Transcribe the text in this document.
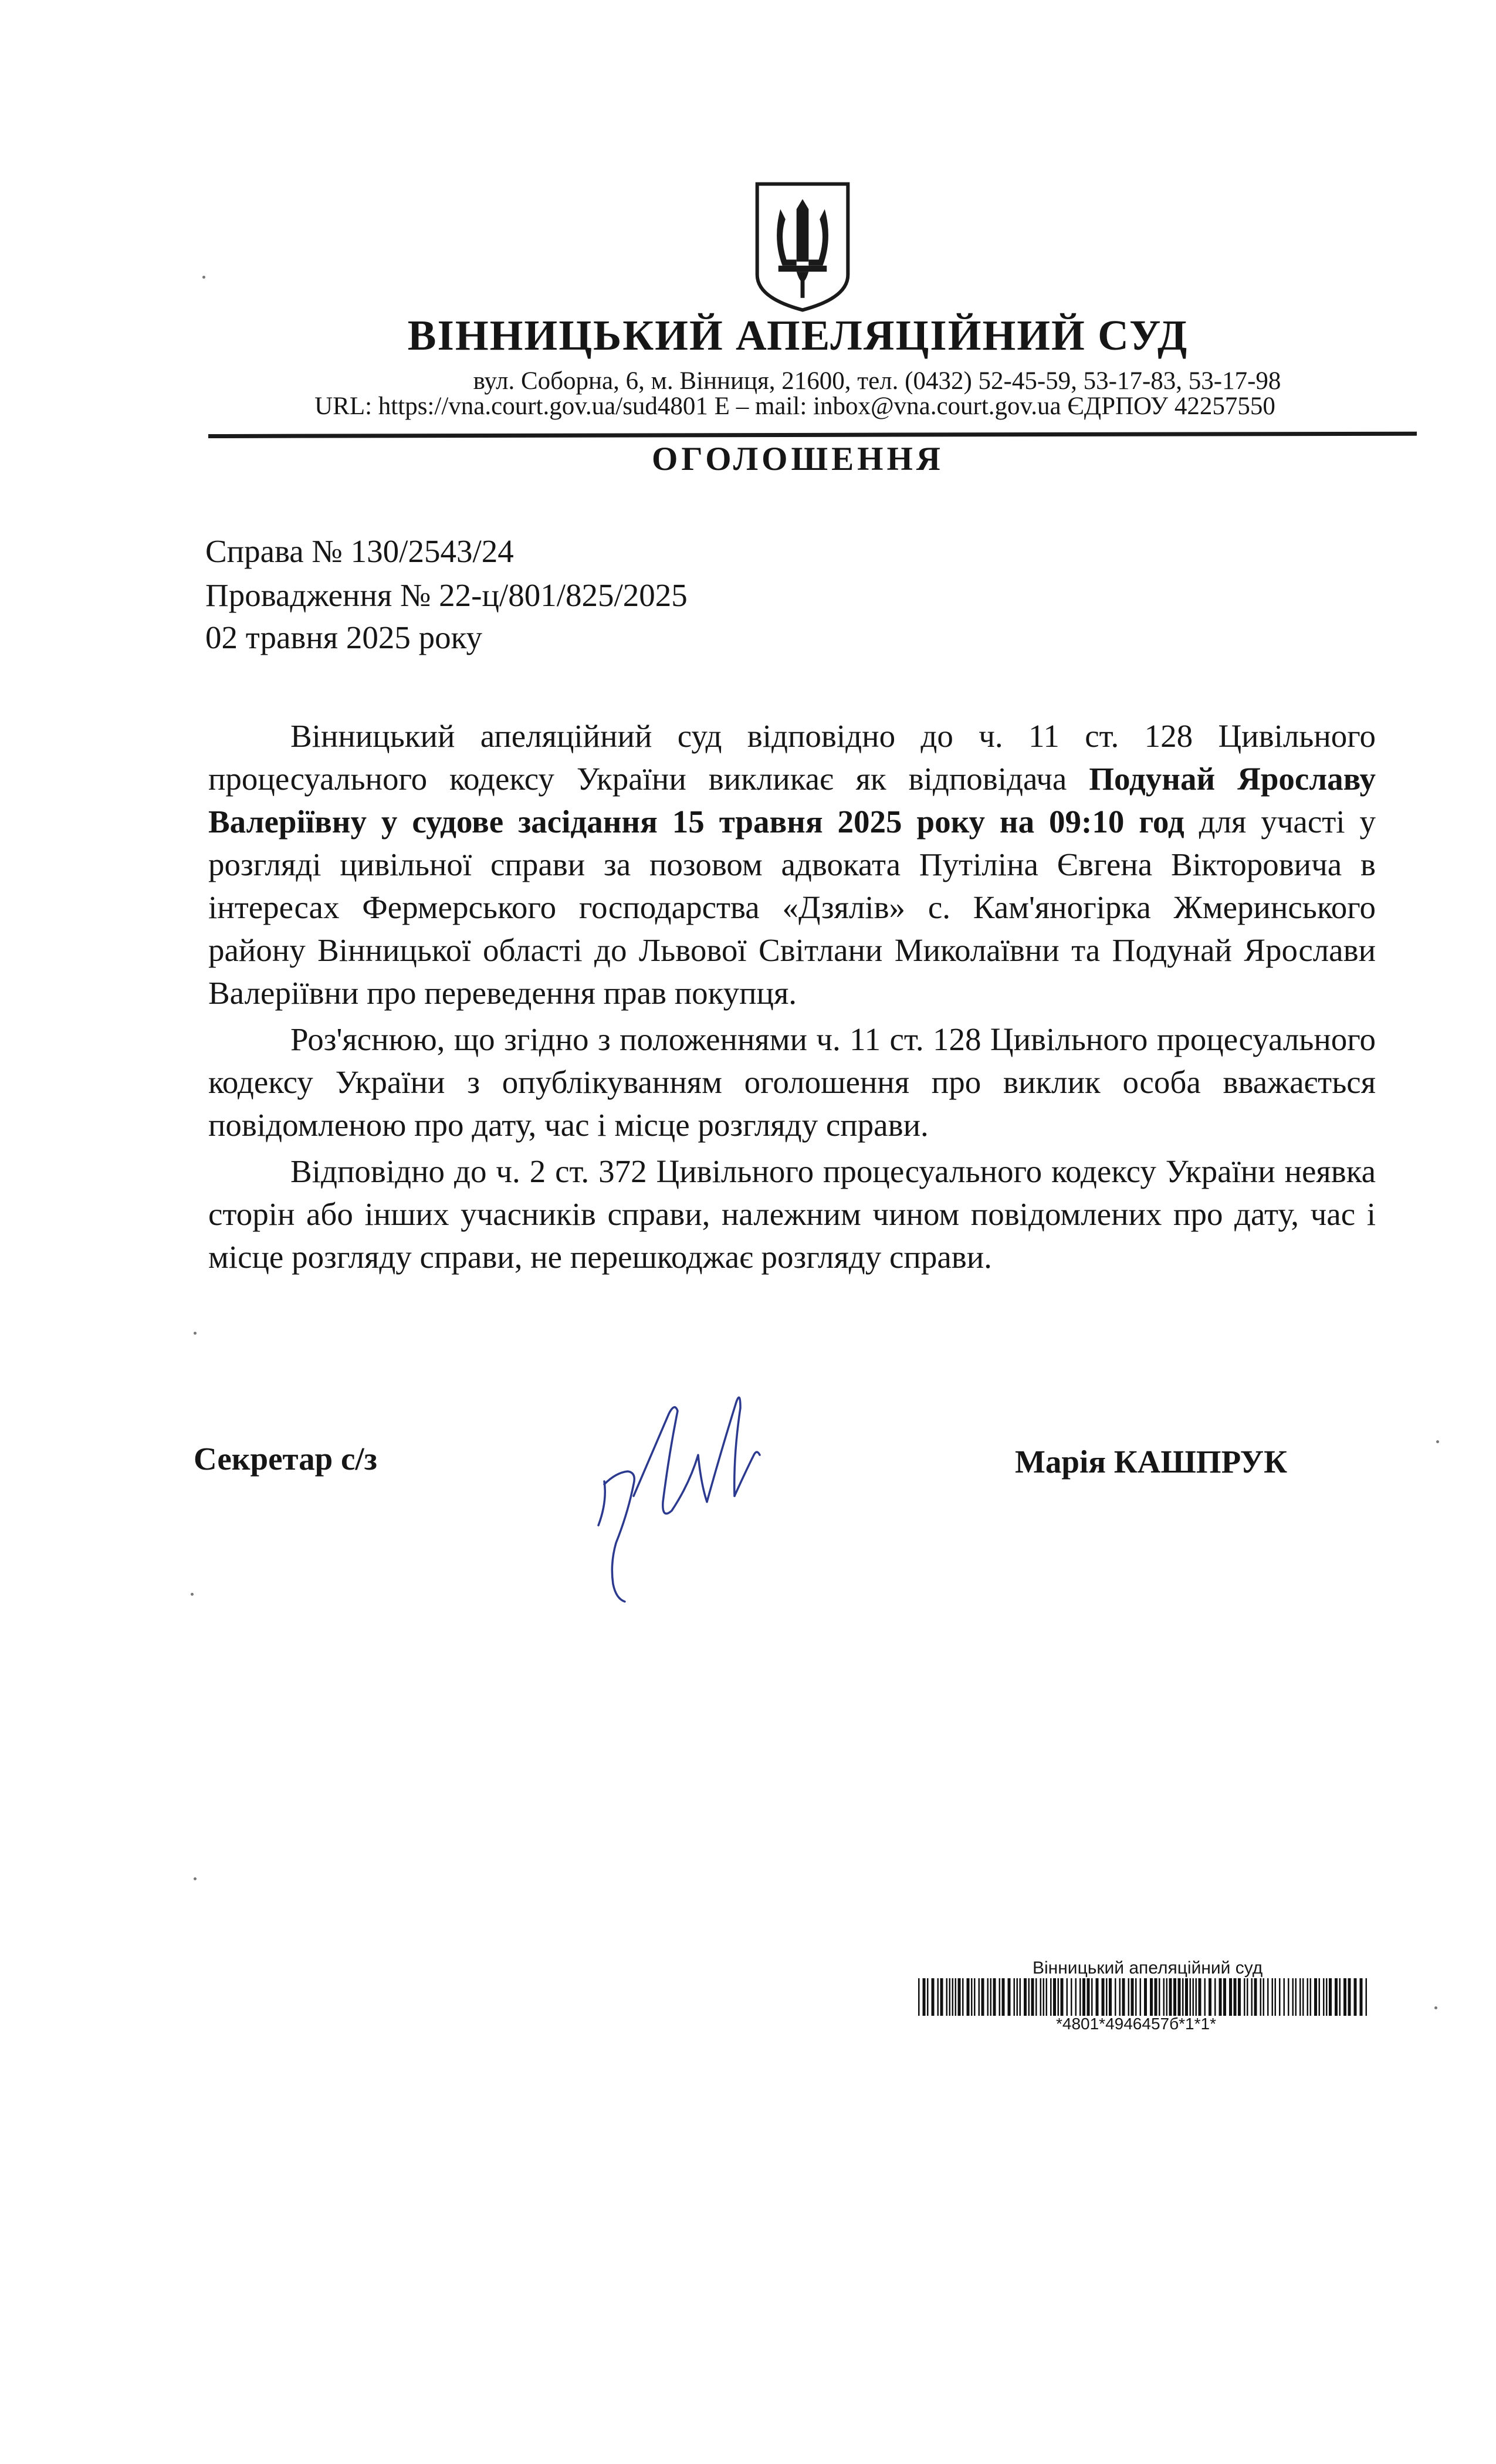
ВІННИЦЬКИЙ АПЕЛЯЦІЙНИЙ СУД
вул. Соборна, 6, м. Вінниця, 21600, тел. (0432) 52-45-59, 53-17-83, 53-17-98
URL: https://vna.court.gov.ua/sud4801 E – mail: inbox@vna.court.gov.ua ЄДРПОУ 42257550
ОГОЛОШЕННЯ
Справа № 130/2543/24
Провадження № 22-ц/801/825/2025
02 травня 2025 року

Вінницький апеляційний суд відповідно до ч. 11 ст. 128 Цивільного процесуального кодексу України викликає як відповідача Подунай Ярославу Валеріївну у судове засідання 15 травня 2025 року на 09:10 год для участі у розгляді цивільної справи за позовом адвоката Путіліна Євгена Вікторовича в інтересах Фермерського господарства «Дзялів» с. Кам'яногірка Жмеринського району Вінницької області до Львової Світлани Миколаївни та Подунай Ярослави Валеріївни про переведення прав покупця.

Роз'яснюю, що згідно з положеннями ч. 11 ст. 128 Цивільного процесуального кодексу України з опублікуванням оголошення про виклик особа вважається повідомленою про дату, час і місце розгляду справи.

Відповідно до ч. 2 ст. 372 Цивільного процесуального кодексу України неявка сторін або інших учасників справи, належним чином повідомлених про дату, час і місце розгляду справи, не перешкоджає розгляду справи.

Секретар с/з	Марія КАШПРУК
Вінницький апеляційний суд
*4801*4946457б*1*1*
